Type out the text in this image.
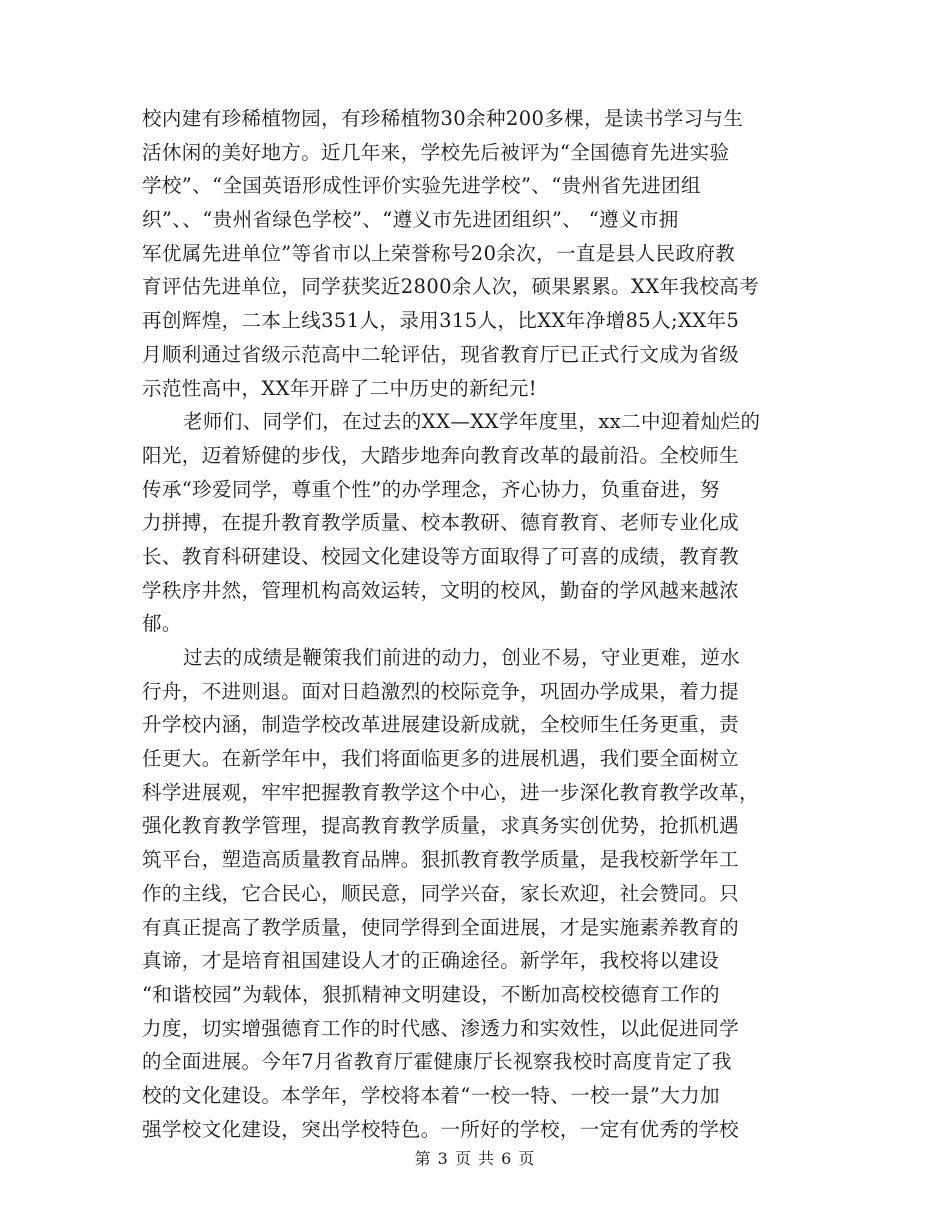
校内建有珍稀植物园，有珍稀植物30余种200多棵，是读书学习与生
活休闲的美好地方。近几年来，学校先后被评为“全国德育先进实验
学校”、“全国英语形成性评价实验先进学校”、“贵州省先进团组
织”、、“贵州省绿色学校”、“遵义市先进团组织”、 “遵义市拥
军优属先进单位”等省市以上荣誉称号20余次，一直是县人民政府教
育评估先进单位，同学获奖近2800余人次，硕果累累。XX年我校高考
再创辉煌，二本上线351人，录用315人，比XX年净增85人;XX年5
月顺利通过省级示范高中二轮评估，现省教育厅已正式行文成为省级
示范性高中，XX年开辟了二中历史的新纪元!
老师们、同学们，在过去的XX—XX学年度里，xx二中迎着灿烂的
阳光，迈着矫健的步伐，大踏步地奔向教育改革的最前沿。全校师生
传承“珍爱同学，尊重个性”的办学理念，齐心协力，负重奋进，努
力拼搏，在提升教育教学质量、校本教研、德育教育、老师专业化成
长、教育科研建设、校园文化建设等方面取得了可喜的成绩，教育教
学秩序井然，管理机构高效运转，文明的校风，勤奋的学风越来越浓
郁。
过去的成绩是鞭策我们前进的动力，创业不易，守业更难，逆水
行舟，不进则退。面对日趋激烈的校际竞争，巩固办学成果，着力提
升学校内涵，制造学校改革进展建设新成就，全校师生任务更重，责
任更大。在新学年中，我们将面临更多的进展机遇，我们要全面树立
科学进展观，牢牢把握教育教学这个中心，进一步深化教育教学改革，
强化教育教学管理，提高教育教学质量，求真务实创优势，抢抓机遇
筑平台，塑造高质量教育品牌。狠抓教育教学质量，是我校新学年工
作的主线，它合民心，顺民意，同学兴奋，家长欢迎，社会赞同。只
有真正提高了教学质量，使同学得到全面进展，才是实施素养教育的
真谛，才是培育祖国建设人才的正确途径。新学年，我校将以建设
“和谐校园”为载体，狠抓精神文明建设，不断加高校校德育工作的
力度，切实增强德育工作的时代感、渗透力和实效性，以此促进同学
的全面进展。今年7月省教育厅霍健康厅长视察我校时高度肯定了我
校的文化建设。本学年，学校将本着“一校一特、一校一景”大力加
强学校文化建设，突出学校特色。一所好的学校，一定有优秀的学校
第 3 页 共 6 页
